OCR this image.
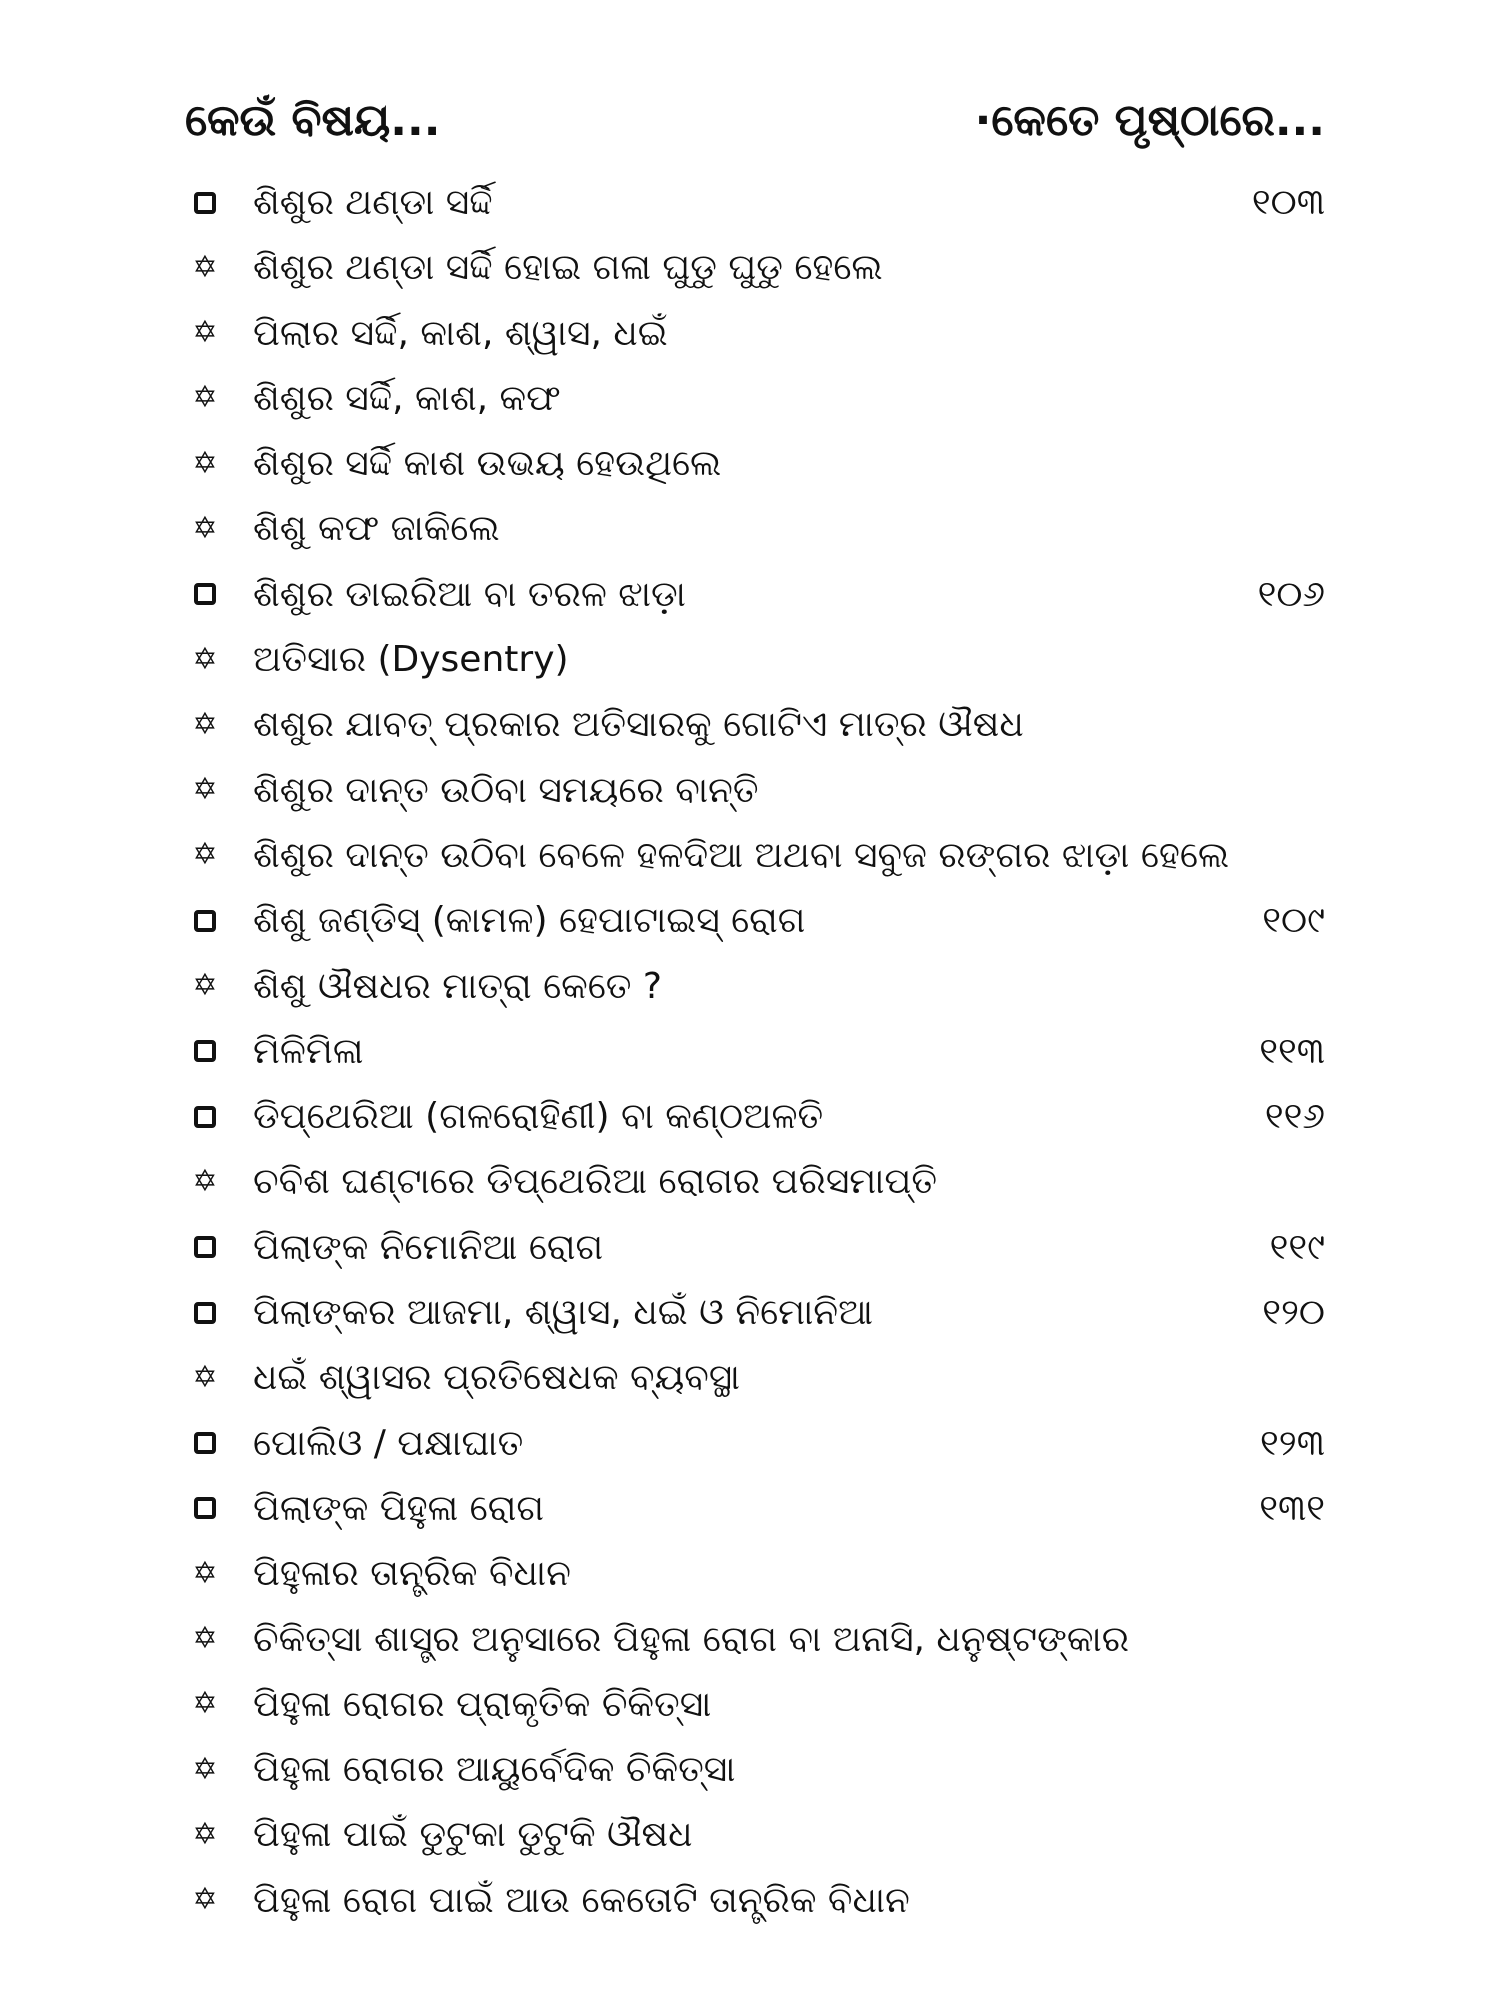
କେଉଁ ବିଷୟ...	·କେତେ ପୃଷ୍ଠାରେ...
ଶିଶୁର ଥଣ୍ଡା ସର୍ଦ୍ଦି	୧୦୩
✡ ଶିଶୁର ଥଣ୍ଡା ସର୍ଦ୍ଦି ହୋଇ ଗଳା ଘୁଡୁ ଘୁଡୁ ହେଲେ
✡ ପିଲାର ସର୍ଦ୍ଦି, କାଶ, ଶ୍ୱାସ, ଧଇଁ
✡ ଶିଶୁର ସର୍ଦ୍ଦି, କାଶ, କଫ
✡ ଶିଶୁର ସର୍ଦ୍ଦି କାଶ ଉଭୟ ହେଉଥିଲେ
✡ ଶିଶୁ କଫ ଜାକିଲେ
ଶିଶୁର ଡାଇରିଆ ବା ତରଳ ଝାଡ଼ା	୧୦୬
✡ ଅତିସାର (Dysentry)
✡ ଶଶୁର ଯାବତ୍ ପ୍ରକାର ଅତିସାରକୁ ଗୋଟିଏ ମାତ୍ର ଔଷଧ
✡ ଶିଶୁର ଦାନ୍ତ ଉଠିବା ସମୟରେ ବାନ୍ତି
✡ ଶିଶୁର ଦାନ୍ତ ଉଠିବା ବେଳେ ହଳଦିଆ ଅଥବା ସବୁଜ ରଙ୍ଗର ଝାଡ଼ା ହେଲେ
ଶିଶୁ ଜଣ୍ଡିସ୍ (କାମଳ) ହେପାଟାଇସ୍ ରୋଗ	୧୦୯
✡ ଶିଶୁ ଔଷଧର ମାତ୍ରା କେତେ ?
ମିଳିମିଳା	୧୧୩
ଡିପ୍‌ଥେରିଆ (ଗଳରୋହିଣୀ) ବା କଣ୍ଠଅଳତି	୧୧୬
✡ ଚବିଶ ଘଣ୍ଟାରେ ଡିପ୍‌ଥେରିଆ ରୋଗର ପରିସମାପ୍ତି
ପିଲାଙ୍କ ନିମୋନିଆ ରୋଗ	୧୧୯
ପିଲାଙ୍କର ଆଜମା, ଶ୍ୱାସ, ଧଇଁ ଓ ନିମୋନିଆ	୧୨୦
✡ ଧଇଁ ଶ୍ୱାସର ପ୍ରତିଷେଧକ ବ୍ୟବସ୍ଥା
ପୋଲିଓ / ପକ୍ଷାଘାତ	୧୨୩
ପିଲାଙ୍କ ପିହୁଳା ରୋଗ	୧୩୧
✡ ପିହୁଳାର ତାନ୍ତ୍ରିକ ବିଧାନ
✡ ଚିକିତ୍ସା ଶାସ୍ତ୍ର ଅନୁସାରେ ପିହୁଳା ରୋଗ ବା ଅନାସି, ଧନୁଷ୍ଟଙ୍କାର
✡ ପିହୁଳା ରୋଗର ପ୍ରାକୃତିକ ଚିକିତ୍ସା
✡ ପିହୁଳା ରୋଗର ଆୟୁର୍ବେଦିକ ଚିକିତ୍ସା
✡ ପିହୁଳା ପାଇଁ ଡୁଟୁକା ଡୁଟୁକି ଔଷଧ
✡ ପିହୁଳା ରୋଗ ପାଇଁ ଆଉ କେତୋଟି ତାନ୍ତ୍ରିକ ବିଧାନ
